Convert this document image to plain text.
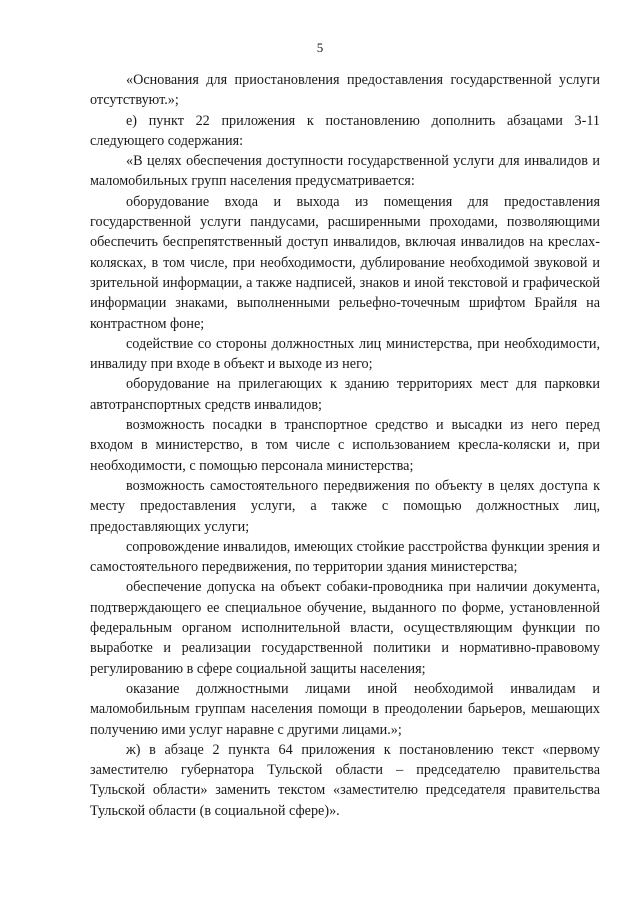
5

«Основания для приостановления предоставления государственной услуги отсутствуют.»;

е) пункт 22 приложения к постановлению дополнить абзацами 3-11 следующего содержания:

«В целях обеспечения доступности государственной услуги для инвалидов и маломобильных групп населения предусматривается:

оборудование входа и выхода из помещения для предоставления государственной услуги пандусами, расширенными проходами, позволяющими обеспечить беспрепятственный доступ инвалидов, включая инвалидов на креслах-колясках, в том числе, при необходимости, дублирование необходимой звуковой и зрительной информации, а также надписей, знаков и иной текстовой и графической информации знаками, выполненными рельефно-точечным шрифтом Брайля на контрастном фоне;

содействие со стороны должностных лиц министерства, при необходимости, инвалиду при входе в объект и выходе из него;

оборудование на прилегающих к зданию территориях мест для парковки автотранспортных средств инвалидов;

возможность посадки в транспортное средство и высадки из него перед входом в министерство, в том числе с использованием кресла-коляски и, при необходимости, с помощью персонала министерства;

возможность самостоятельного передвижения по объекту в целях доступа к месту предоставления услуги, а также с помощью должностных лиц, предоставляющих услуги;

сопровождение инвалидов, имеющих стойкие расстройства функции зрения и самостоятельного передвижения, по территории здания министерства;

обеспечение допуска на объект собаки-проводника при наличии документа, подтверждающего ее специальное обучение, выданного по форме, установленной федеральным органом исполнительной власти, осуществляющим функции по выработке и реализации государственной политики и нормативно-правовому регулированию в сфере социальной защиты населения;

оказание должностными лицами иной необходимой инвалидам и маломобильным группам населения помощи в преодолении барьеров, мешающих получению ими услуг наравне с другими лицами.»;

ж) в абзаце 2 пункта 64 приложения к постановлению текст «первому заместителю губернатора Тульской области – председателю правительства Тульской области» заменить текстом «заместителю председателя правительства Тульской области (в социальной сфере)».
